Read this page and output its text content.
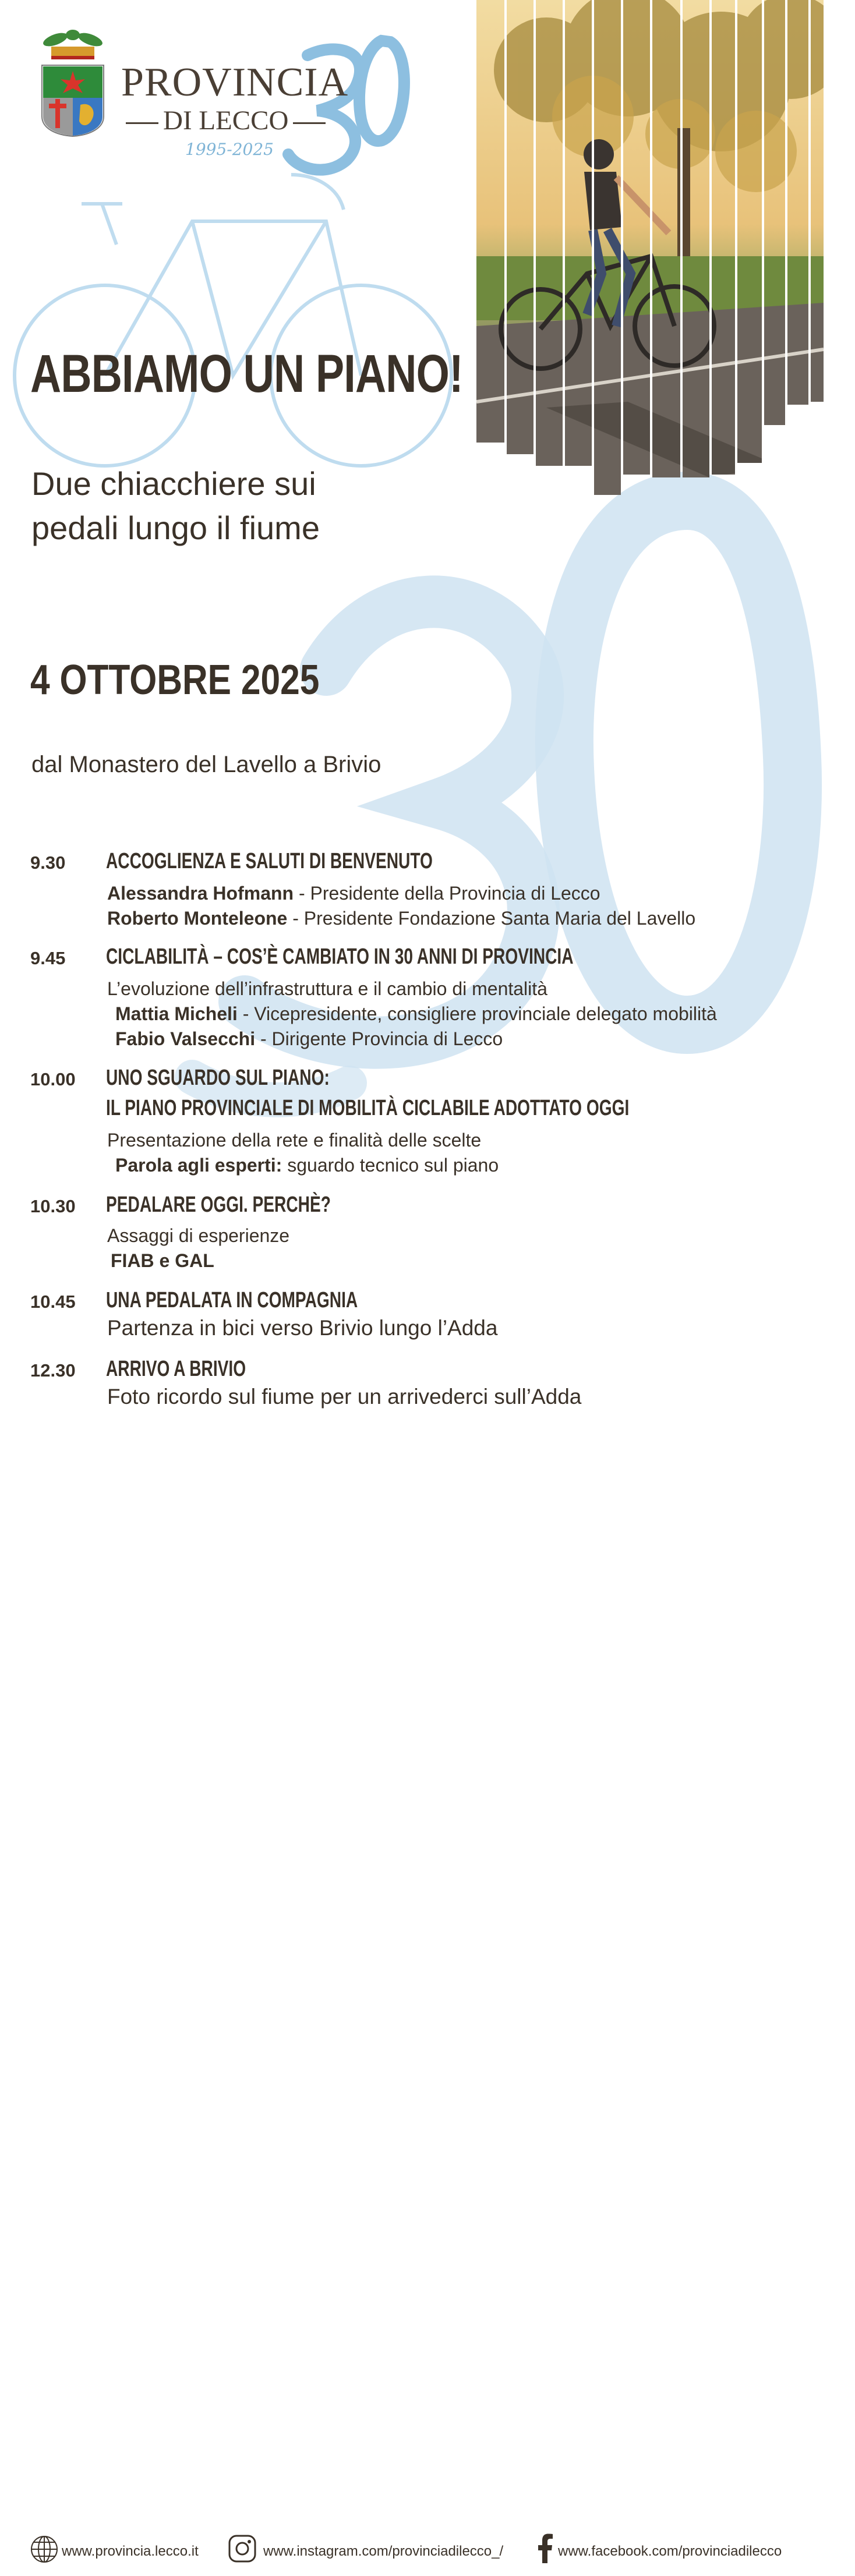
PROVINCIA
DI LECCO
1995-2025
ABBIAMO UN PIANO!
Due chiacchiere sui
pedali lungo il fiume
4 OTTOBRE 2025
dal Monastero del Lavello a Brivio
9.30 ACCOGLIENZA E SALUTI DI BENVENUTO
Alessandra Hofmann - Presidente della Provincia di Lecco
Roberto Monteleone - Presidente Fondazione Santa Maria del Lavello
9.45 CICLABILITÀ – COS’È CAMBIATO IN 30 ANNI DI PROVINCIA
L’evoluzione dell’infrastruttura e il cambio di mentalità
Mattia Micheli - Vicepresidente, consigliere provinciale delegato mobilità
Fabio Valsecchi - Dirigente Provincia di Lecco
10.00 UNO SGUARDO SUL PIANO:
IL PIANO PROVINCIALE DI MOBILITÀ CICLABILE ADOTTATO OGGI
Presentazione della rete e finalità delle scelte
Parola agli esperti: sguardo tecnico sul piano
10.30 PEDALARE OGGI. PERCHÈ?
Assaggi di esperienze
FIAB e GAL
10.45 UNA PEDALATA IN COMPAGNIA
Partenza in bici verso Brivio lungo l’Adda
12.30 ARRIVO A BRIVIO
Foto ricordo sul fiume per un arrivederci sull’Adda
www.provincia.lecco.it	www.instagram.com/provinciadilecco_/	www.facebook.com/provinciadilecco
